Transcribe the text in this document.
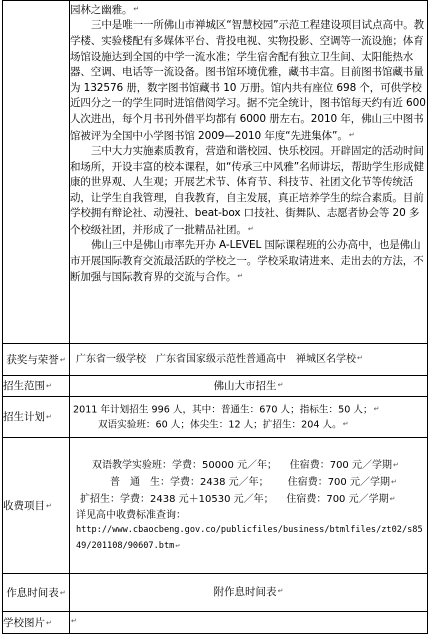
	园林之幽雅。↵

三中是唯一一所佛山市禅城区“智慧校园”示范工程建设项目试点高中。教学楼、实验楼配有多媒体平台、背投电视、实物投影、空调等一流设施；体育场馆设施达到全国的中学一流水准；学生宿舍配有独立卫生间、太阳能热水器、空调、电话等一流设备。图书馆环境优雅，藏书丰富。目前图书馆藏书量为 132576 册，数字图书馆藏书 10 万册。馆内共有座位 698 个，可供学校近四分之一的学生同时进馆借阅学习。据不完全统计，图书馆每天约有近 600 人次进出，每个月书刊外借平均都有 6000 册左右。2010 年，佛山三中图书馆被评为全国中小学图书馆 2009—2010 年度“先进集体”。↵

三中大力实施素质教育，营造和谐校园、快乐校园。开辟固定的活动时间和场所，开设丰富的校本课程，如“传承三中风雅”名师讲坛，帮助学生形成健康的世界观、人生观；开展艺术节、体育节、科技节、社团文化节等传统活动，让学生自我管理，自我教育，自主发展，真正培养学生的综合素质。目前学校拥有辩论社、动漫社、beat-box 口技社、街舞队、志愿者协会等 20 多个校级社团，并形成了一批精品社团。↵

佛山三中是佛山市率先开办 A-LEVEL 国际课程班的公办高中，也是佛山市开展国际教育交流最活跃的学校之一。学校采取请进来、走出去的方法，不断加强与国际教育界的交流与合作。↵

获奖与荣誉↵	广东省一级学校　广东省国家级示范性普通高中　禅城区名学校↵
招生范围↵	佛山大市招生↵
招生计划↵	2011 年计划招生 996 人，其中：普通生：670 人；指标生：50 人；↵
双语实验班：60 人；体尖生：12 人；扩招生：204 人。↵

收费项目↵	双语教学实验班：学费：50000 元／年；    住宿费：700 元／学期↵
普　通　生：学费：2438 元／年；      住宿费：700 元／学期↵
扩招生：学费：2438 元＋10530 元／年；    住宿费：700 元／学期↵
详见高中收费标准查询：
http://www.cbaocbeng.gov.co/publicfiles/business/btmlfiles/zt02/s8549/201108/90607.btm↵

作息时间表↵	附作息时间表↵
学校图片↵	↵
